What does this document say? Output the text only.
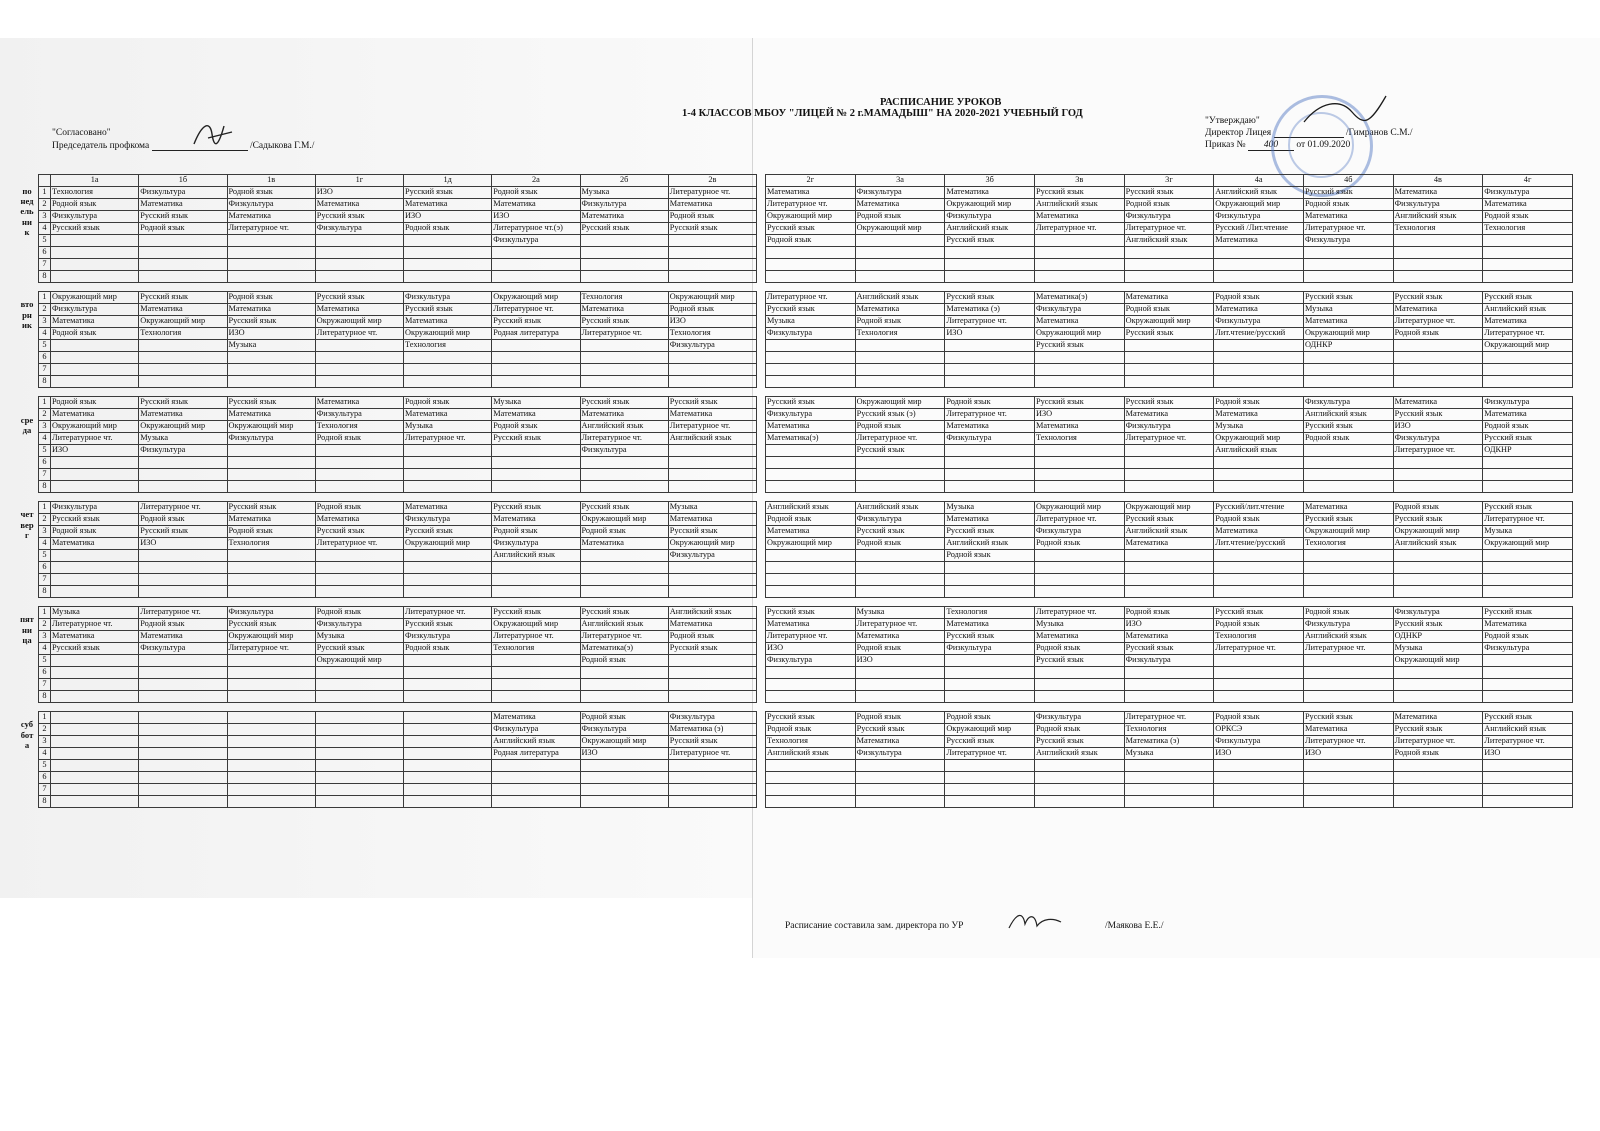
РАСПИСАНИЕ УРОКОВ
1-4 КЛАССОВ МБОУ "ЛИЦЕЙ № 2 г.МАМАДЫШ" НА 2020-2021 УЧЕБНЫЙ ГОД
"Согласовано"
Председатель профкома	/Садыкова Г.М./
"Утверждаю"
Директор Лицея	/Гимранов С.М./
Приказ № 400 от 01.09.2020
понедельник
вторник
среда
четверг
пятница
суббота
	1а	1б	1в	1г	1д	2а	2б	2в
1	Технология	Физкультура	Родной язык	ИЗО	Русский язык	Родной язык	Музыка	Литературное чт.
2	Родной язык	Математика	Физкультура	Математика	Математика	Математика	Физкультура	Математика
3	Физкультура	Русский язык	Математика	Русский язык	ИЗО	ИЗО	Математика	Родной язык
4	Русский язык	Родной язык	Литературное чт.	Физкультура	Родной язык	Литературное чт.(э)	Русский язык	Русский язык
5						Физкультура		
6								
7								
8								

1	Окружающий мир	Русский язык	Родной язык	Русский язык	Физкультура	Окружающий мир	Технология	Окружающий мир
2	Физкультура	Математика	Математика	Математика	Русский язык	Литературное чт.	Математика	Родной язык
3	Математика	Окружающий мир	Русский язык	Окружающий мир	Математика	Русский язык	Русский язык	ИЗО
4	Родной язык	Технология	ИЗО	Литературное чт.	Окружающий мир	Родная литература	Литературное чт.	Технология
5			Музыка		Технология			Физкультура
6								
7								
8								

1	Родной язык	Русский язык	Русский язык	Математика	Родной язык	Музыка	Русский язык	Русский язык
2	Математика	Математика	Математика	Физкультура	Математика	Математика	Математика	Математика
3	Окружающий мир	Окружающий мир	Окружающий мир	Технология	Музыка	Родной язык	Английский язык	Литературное чт.
4	Литературное чт.	Музыка	Физкультура	Родной язык	Литературное чт.	Русский язык	Литературное чт.	Английский язык
5	ИЗО	Физкультура					Физкультура	
6								
7								
8								

1	Физкультура	Литературное чт.	Русский язык	Родной язык	Математика	Русский язык	Русский язык	Музыка
2	Русский язык	Родной язык	Математика	Математика	Физкультура	Математика	Окружающий мир	Математика
3	Родной язык	Русский язык	Родной язык	Русский язык	Русский язык	Родной язык	Родной язык	Русский язык
4	Математика	ИЗО	Технология	Литературное чт.	Окружающий мир	Физкультура	Математика	Окружающий мир
5						Английский язык		Физкультура
6								
7								
8								

1	Музыка	Литературное чт.	Физкультура	Родной язык	Литературное чт.	Русский язык	Русский язык	Английский язык
2	Литературное чт.	Родной язык	Русский язык	Физкультура	Русский язык	Окружающий мир	Английский язык	Математика
3	Математика	Математика	Окружающий мир	Музыка	Физкультура	Литературное чт.	Литературное чт.	Родной язык
4	Русский язык	Физкультура	Литературное чт.	Русский язык	Родной язык	Технология	Математика(э)	Русский язык
5				Окружающий мир			Родной язык	
6								
7								
8								

1						Математика	Родной язык	Физкультура
2						Физкультура	Физкультура	Математика (э)
3						Английский язык	Окружающий мир	Русский язык
4						Родная литература	ИЗО	Литературное чт.
5								
6								
7								
8								
2г	3а	3б	3в	3г	4а	4б	4в	4г
Математика	Физкультура	Математика	Русский язык	Русский язык	Английский язык	Русский язык	Математика	Физкультура
Литературное чт.	Математика	Окружающий мир	Английский язык	Родной язык	Окружающий мир	Родной язык	Физкультура	Математика
Окружающий мир	Родной язык	Физкультура	Математика	Физкультура	Физкультура	Математика	Английский язык	Родной язык
Русский язык	Окружающий мир	Английский язык	Литературное чт.	Литературное чт.	Русский /Лит.чтение	Литературное чт.	Технология	Технология
Родной язык		Русский язык		Английский язык	Математика	Физкультура		

Литературное чт.	Английский язык	Русский язык	Математика(э)	Математика	Родной язык	Русский язык	Русский язык	Русский язык
Русский язык	Математика	Математика (э)	Физкультура	Родной язык	Математика	Музыка	Математика	Английский язык
Музыка	Родной язык	Литературное чт.	Математика	Окружающий мир	Физкультура	Математика	Литературное чт.	Математика
Физкультура	Технология	ИЗО	Окружающий мир	Русский язык	Лит.чтение/русский	Окружающий мир	Родной язык	Литературное чт.
			Русский язык			ОДНКР		Окружающий мир

Русский язык	Окружающий мир	Родной язык	Русский язык	Русский язык	Родной язык	Физкультура	Математика	Физкультура
Физкультура	Русский язык (э)	Литературное чт.	ИЗО	Математика	Математика	Английский язык	Русский язык	Математика
Математика	Родной язык	Математика	Математика	Физкультура	Музыка	Русский язык	ИЗО	Родной язык
Математика(э)	Литературное чт.	Физкультура	Технология	Литературное чт.	Окружающий мир	Родной язык	Физкультура	Русский язык
	Русский язык				Английский язык		Литературное чт.	ОДКНР

Английский язык	Английский язык	Музыка	Окружающий мир	Окружающий мир	Русский/лит.чтение	Математика	Родной язык	Русский язык
Родной язык	Физкультура	Математика	Литературное чт.	Русский язык	Родной язык	Русский язык	Русский язык	Литературное чт.
Математика	Русский язык	Русский язык	Физкультура	Английский язык	Математика	Окружающий мир	Окружающий мир	Музыка
Окружающий мир	Родной язык	Английский язык	Родной язык	Математика	Лит.чтение/русский	Технология	Английский язык	Окружающий мир
		Родной язык						

Русский язык	Музыка	Технология	Литературное чт.	Родной язык	Русский язык	Родной язык	Физкультура	Русский язык
Математика	Литературное чт.	Математика	Музыка	ИЗО	Родной язык	Физкультура	Русский язык	Математика
Литературное чт.	Математика	Русский язык	Математика	Математика	Технология	Английский язык	ОДНКР	Родной язык
ИЗО	Родной язык	Физкультура	Родной язык	Русский язык	Литературное чт.	Литературное чт.	Музыка	Физкультура
Физкультура	ИЗО		Русский язык	Физкультура			Окружающий мир	

Русский язык	Родной язык	Родной язык	Физкультура	Литературное чт.	Родной язык	Русский язык	Математика	Русский язык
Родной язык	Русский язык	Окружающий мир	Родной язык	Технология	ОРКСЭ	Математика	Русский язык	Английский язык
Технология	Математика	Русский язык	Русский язык	Математика (э)	Физкультура	Литературное чт.	Литературное чт.	Литературное чт.
Английский язык	Физкультура	Литературное чт.	Английский язык	Музыка	ИЗО	ИЗО	Родной язык	ИЗО

Расписание составила зам. директора по УР	/Маякова Е.Е./
